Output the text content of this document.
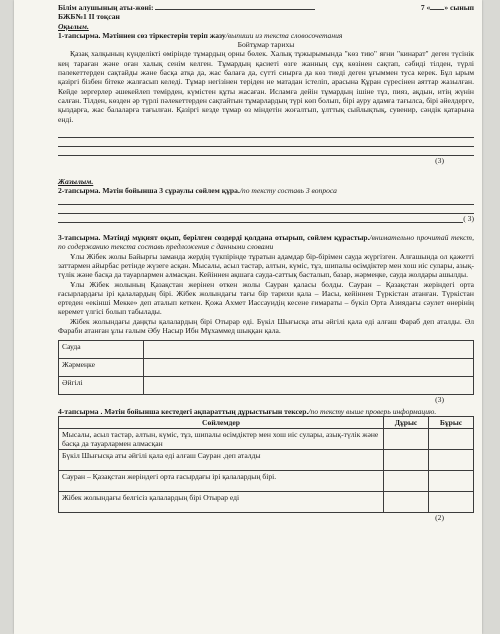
Білім алушының аты-жөні:	7 « » сынып
БЖБ№1 ІІ тоқсан
Оқылым.
1-тапсырма. Мәтіннен сөз тіркестерін теріп жазу/выпиши из текста словосочетания
Бойтұмар тарихы

Қазақ халқының күнделікті өмірінде тұмардың орны бөлек. Халық тұжырымында "көз тию" яғни "кинарат" деген түсінік кең тараған және оған халық сенім келген. Тұмардың қасиеті өзге жанның сұқ көзінен сақтап, сәбиді тілден, түрлі пәлекеттерден сақтайды және басқа атқа да, жас балаға да, сүтті сиырға да көз тиеді деген ұғыммен туса керек. Бұл ырым қазіргі бізбен бітеке жалғасып келеді. Тұмар негізінен теріден не матадан істеліп, арасына Құран сүресінен аяттар жазылған. Кейде зергерлер әшекейлеп темірден, күмістен құты жасаған. Исламға дейін тұмардың ішіне тұз, пияз, ақдын, итің жүнін салған. Тілден, көзден әр түрлі пәлекеттерден сақтайтын тұмарлардың түрі көп болып, бірі ауру адамға тағылса, бірі әйелдерге, қыздарға, жас балаларға тағылған. Қазіргі кезде тұмар өз міндетін жоғалтып, ұлттық сыйлықтық, сувенир, сәндік қатарына енді.

(3)
Жазылым.
2-тапсырма. Мәтін бойынша 3 сұраулы сөйлем құра./по тексту составь 3 вопроса
( 3)

3-тапсырма. Мәтінді мұқият оқып, берілген сөздерді қолдана отырып, сөйлем құрастыр./внимательно прочитай текст, по содержанию текста составь предложения с данными словами

Ұлы Жібек жолы Байырғы заманда жердің түкпірінде тұратын адамдар бір-бірімен сауда жүргізген. Алғашында ол қажетті заттармен айырбас ретінде жүзеге асқан. Мысалы, асыл тастар, алтын, күміс, тұз, шипалы өсімдіктер мен хош иіс сулары, азық-түлік және басқа да тауарлармен алмасқан. Кейіннен ақшага сауда-саттық басталып, базар, жәрмеңке, сауда жолдары ашылды.

Ұлы Жібек жолының Қазақстан жерінен өткен жолы Сауран қаласы болды. Сауран – Қазақстан жеріндегі орта ғасырлардағы ірі қалалардың бірі. Жібек жолындағы тағы бір тарихи қала – Иасы, кейіннен Түркістан атанған. Түркістан ертеден «екінші Мекке» деп аталып кеткен. Қожа Ахмет Иассауидің кесене ғимараты – бүкіл Орта Азиядағы сәулет өнерінің керемет үлгісі болып табылады.

Жібек жолындағы даңқты қалалардың бірі Отырар еді. Бүкіл Шығысқа аты әйгілі қала еді алғаш Фараб деп аталды. Әл Фараби атанған ұлы ғалым Әбу Насыр Ибн Мұхаммед шыққан қала.

Сауда	
Жәрмеңке	
Әйгілі	
(3)
4-тапсырма . Мәтін бойынша кестедегі ақпараттың дұрыстығын тексер./по тексту выше проверь информацию.
Сөйлемдер	Дұрыс	Бұрыс
Мысалы, асыл тастар, алтын, күміс, тұз, шипалы өсімдіктер мен хош иіс сулары, азық-түлік және басқа да тауарлармен алмасқан		
Бүкіл Шығысқа аты әйгілі қала еді алғаш Сауран .деп аталды		
Сауран – Қазақстан жеріндегі орта ғасырдағы ірі қалалардың бірі.		
Жібек жолындағы белгісіз қалалардың бірі Отырар еді		
(2)
